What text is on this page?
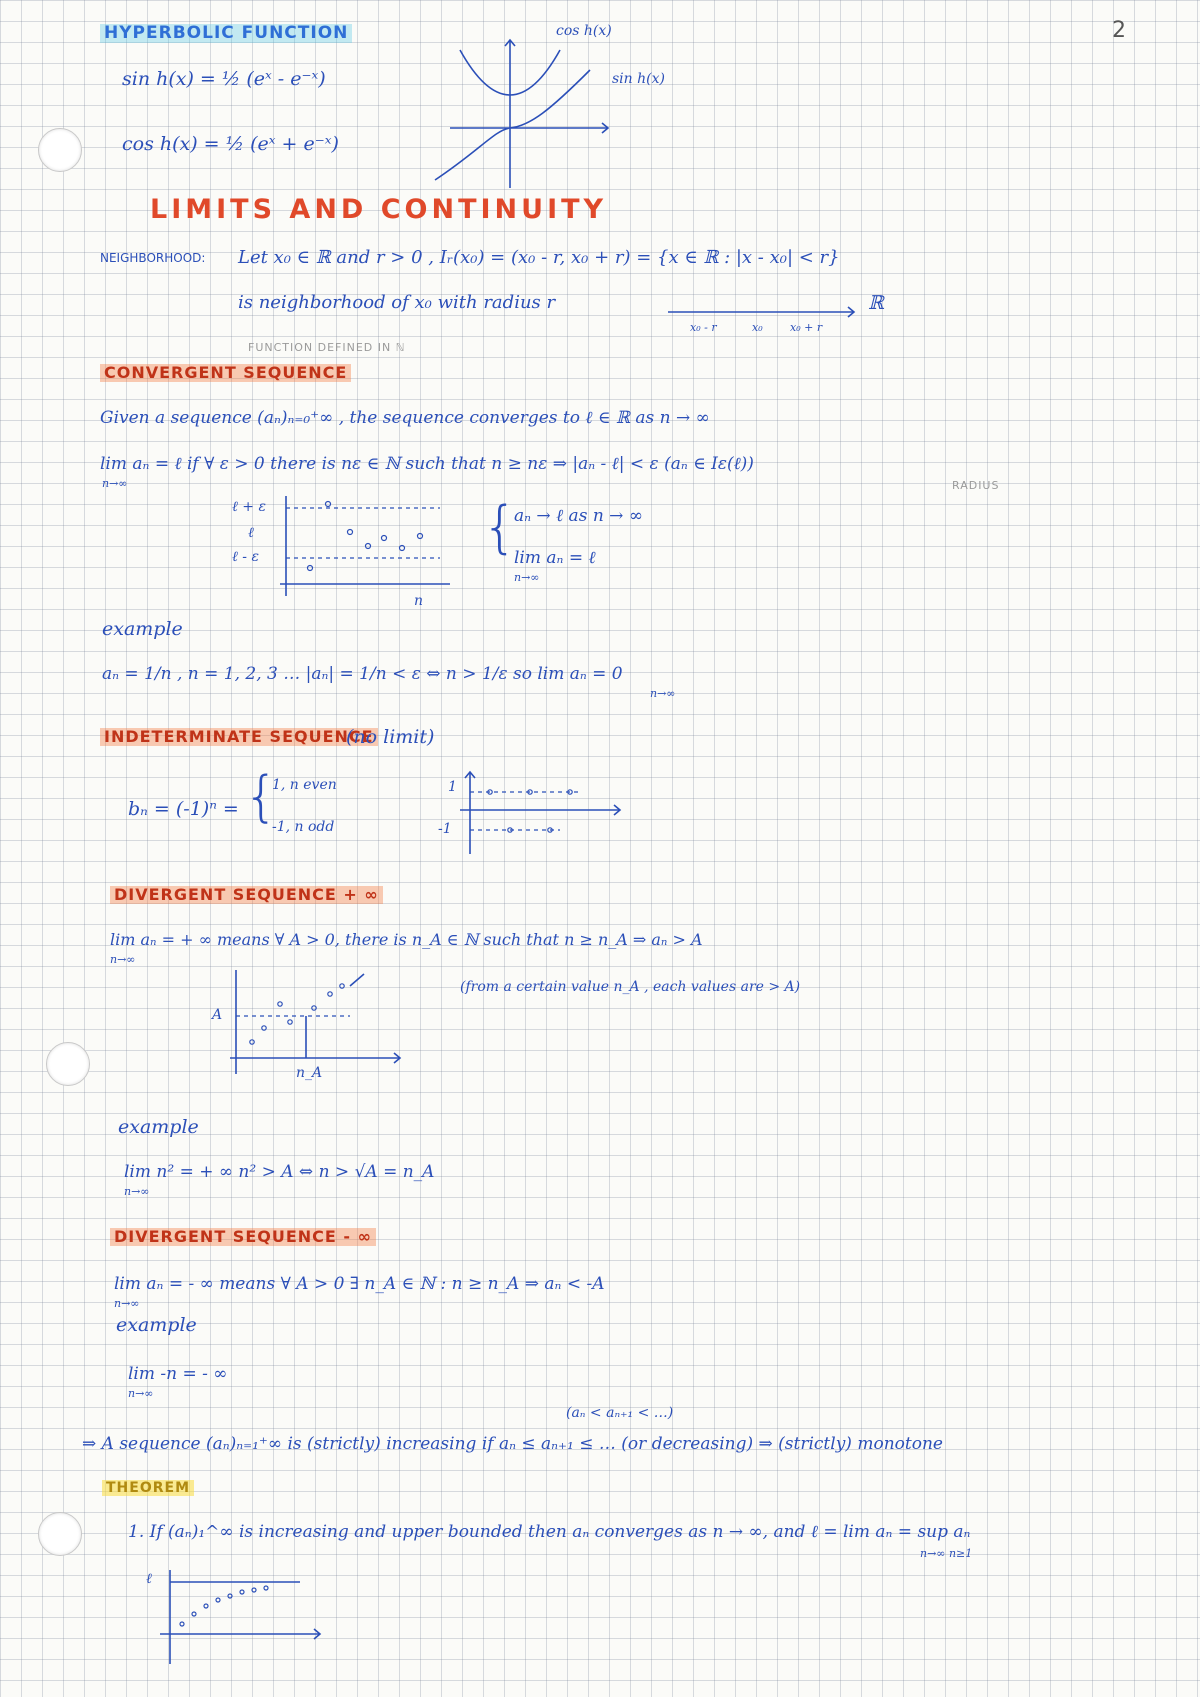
2
HYPERBOLIC FUNCTION
sin h(x) = ½ (eˣ - e⁻ˣ)
cos h(x) = ½ (eˣ + e⁻ˣ)
cos h(x)
sin h(x)
LIMITS AND CONTINUITY
NEIGHBORHOOD: Let x₀ ∈ ℝ and r > 0 , Iᵣ(x₀) = (x₀ - r, x₀ + r) = {x ∈ ℝ : |x - x₀| < r}
is neighborhood of x₀ with radius r
x₀ - r	x₀ x₀ + r
ℝ
FUNCTION DEFINED IN ℕ
CONVERGENT SEQUENCE
Given a sequence (aₙ)ₙ₌₀⁺∞ , the sequence converges to ℓ ∈ ℝ as n → ∞
lim aₙ = ℓ if ∀ ε > 0 there is nε ∈ ℕ such that n ≥ nε ⇒ |aₙ - ℓ| < ε (aₙ ∈ Iε(ℓ))
n→∞	RADIUS
ℓ + ε
ℓ
ℓ - ε
n
{
aₙ → ℓ as n → ∞
lim aₙ = ℓ
n→∞
example
aₙ = 1/n , n = 1, 2, 3 … |aₙ| = 1/n < ε ⇔ n > 1/ε so lim aₙ = 0
n→∞
INDETERMINATE SEQUENCE
(no limit)
bₙ = (-1)ⁿ = {
1, n even
-1, n odd
1
-1
DIVERGENT SEQUENCE + ∞
lim aₙ = + ∞ means ∀ A > 0, there is n_A ∈ ℕ such that n ≥ n_A ⇒ aₙ > A
n→∞
(from a certain value n_A , each values are > A)
A
n_A
example
lim n² = + ∞ n² > A ⇔ n > √A = n_A
n→∞
DIVERGENT SEQUENCE - ∞
lim aₙ = - ∞ means ∀ A > 0 ∃ n_A ∈ ℕ : n ≥ n_A ⇒ aₙ < -A
n→∞
example
lim -n = - ∞
n→∞
(aₙ < aₙ₊₁ < …)
⇒ A sequence (aₙ)ₙ₌₁⁺∞ is (strictly) increasing if aₙ ≤ aₙ₊₁ ≤ … (or decreasing) ⇒ (strictly) monotone
THEOREM
1. If (aₙ)₁^∞ is increasing and upper bounded then aₙ converges as n → ∞, and ℓ = lim aₙ = sup aₙ
n→∞ n≥1
ℓ
